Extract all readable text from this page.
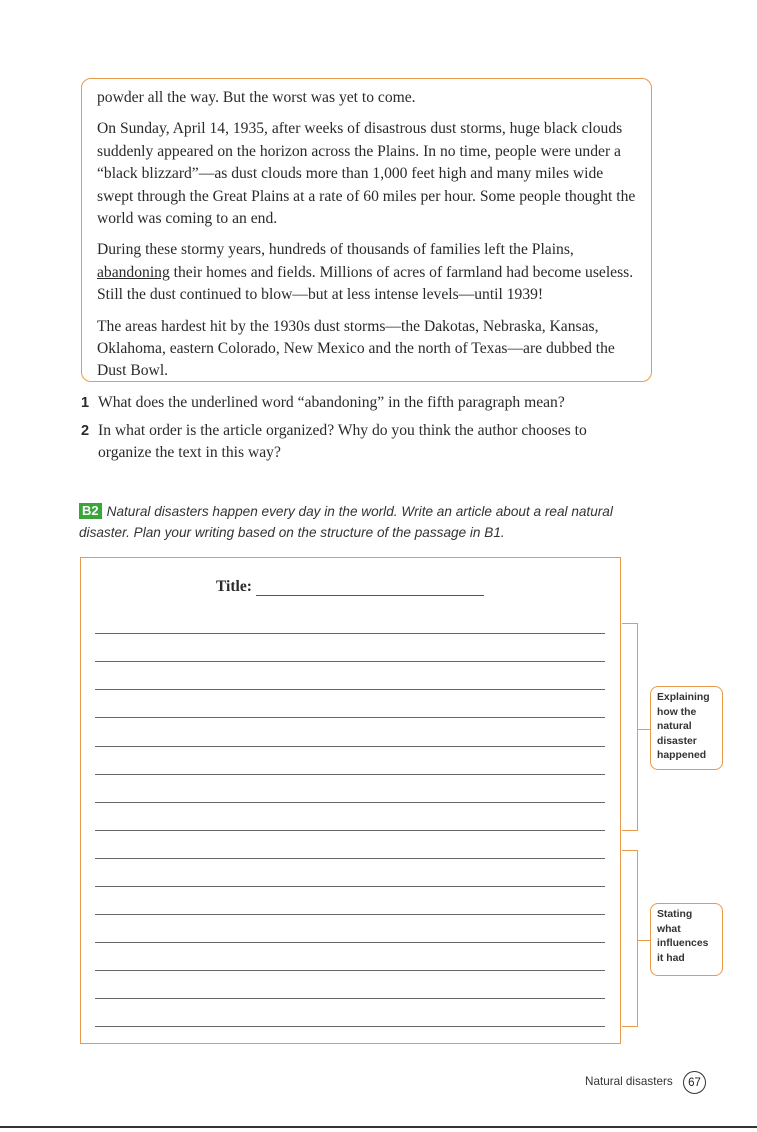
powder all the way. But the worst was yet to come.

On Sunday, April 14, 1935, after weeks of disastrous dust storms, huge black clouds suddenly appeared on the horizon across the Plains. In no time, people were under a “black blizzard”—as dust clouds more than 1,000 feet high and many miles wide swept through the Great Plains at a rate of 60 miles per hour. Some people thought the world was coming to an end.

During these stormy years, hundreds of thousands of families left the Plains,
abandoning their homes and fields. Millions of acres of farmland had become useless. Still the dust continued to blow—but at less intense levels—until 1939!

The areas hardest hit by the 1930s dust storms—the Dakotas, Nebraska, Kansas, Oklahoma, eastern Colorado, New Mexico and the north of Texas—are dubbed the Dust Bowl.

1 What does the underlined word “abandoning” in the fifth paragraph mean?
2 In what order is the article organized? Why do you think the author chooses to organize the text in this way?
B2 Natural disasters happen every day in the world. Write an article about a real natural disaster. Plan your writing based on the structure of the passage in B1.
Title:
Explaining how the natural disaster happened
Stating what influences it had
Natural disasters	67
